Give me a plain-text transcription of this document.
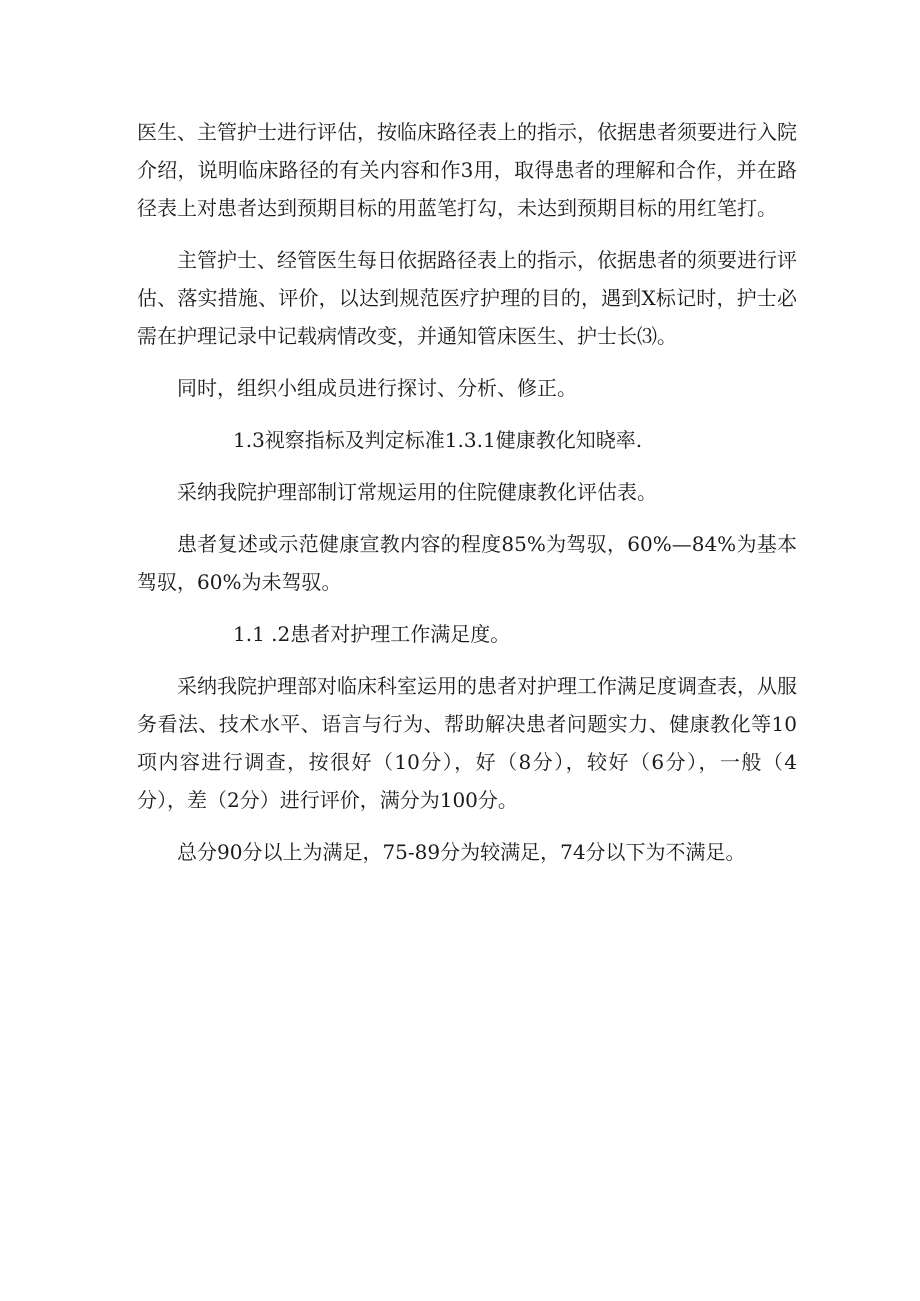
医生、主管护士进行评估，按临床路径表上的指示，依据患者须要进行入院介绍，说明临床路径的有关内容和作3用，取得患者的理解和合作，并在路径表上对患者达到预期目标的用蓝笔打勾，未达到预期目标的用红笔打。

主管护士、经管医生每日依据路径表上的指示，依据患者的须要进行评估、落实措施、评价，以达到规范医疗护理的目的，遇到X标记时，护士必需在护理记录中记载病情改变，并通知管床医生、护士长⑶。

同时，组织小组成员进行探讨、分析、修正。

1.3视察指标及判定标准1.3.1健康教化知晓率.

采纳我院护理部制订常规运用的住院健康教化评估表。

患者复述或示范健康宣教内容的程度85%为驾驭，60%—84%为基本驾驭，60%为未驾驭。

1.1 .2患者对护理工作满足度。

采纳我院护理部对临床科室运用的患者对护理工作满足度调查表，从服务看法、技术水平、语言与行为、帮助解决患者问题实力、健康教化等10项内容进行调查，按很好（10分），好（8分），较好（6分），一般（4分），差（2分）进行评价，满分为100分。

总分90分以上为满足，75-89分为较满足，74分以下为不满足。
